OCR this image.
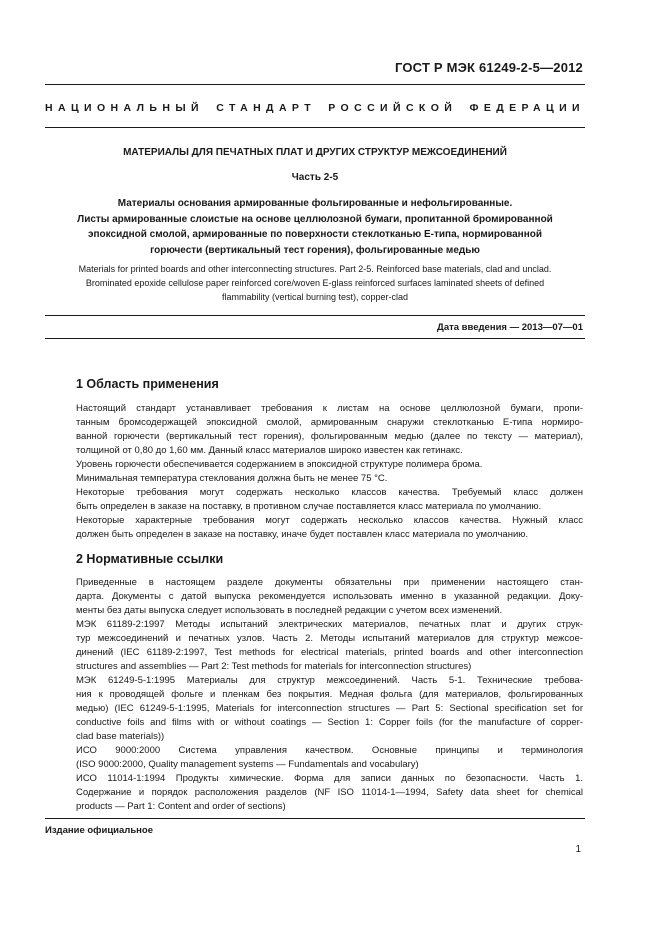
ГОСТ Р МЭК 61249-2-5—2012
НАЦИОНАЛЬНЫЙ СТАНДАРТ РОССИЙСКОЙ ФЕДЕРАЦИИ
МАТЕРИАЛЫ ДЛЯ ПЕЧАТНЫХ ПЛАТ И ДРУГИХ СТРУКТУР МЕЖСОЕДИНЕНИЙ
Часть 2-5
Материалы основания армированные фольгированные и нефольгированные.
Листы армированные слоистые на основе целлюлозной бумаги, пропитанной бромированной
эпоксидной смолой, армированные по поверхности стеклотканью Е-типа, нормированной
горючести (вертикальный тест горения), фольгированные медью
Materials for printed boards and other interconnecting structures. Part 2-5. Reinforced base materials, clad and unclad.
Brominated epoxide cellulose paper reinforced core/woven E-glass reinforced surfaces laminated sheets of defined
flammability (vertical burning test), copper-clad
Дата введения — 2013—07—01
1 Область применения
Настоящий стандарт устанавливает требования к листам на основе целлюлозной бумаги, пропи-
танным бромсодержащей эпоксидной смолой, армированным снаружи стеклотканью Е-типа нормиро-
ванной горючести (вертикальный тест горения), фольгированным медью (далее по тексту — материал),
толщиной от 0,80 до 1,60 мм. Данный класс материалов широко известен как гетинакс.
Уровень горючести обеспечивается содержанием в эпоксидной структуре полимера брома.
Минимальная температура стеклования должна быть не менее 75 °С.
Некоторые требования могут содержать несколько классов качества. Требуемый класс должен
быть определен в заказе на поставку, в противном случае поставляется класс материала по умолчанию.
Некоторые характерные требования могут содержать несколько классов качества. Нужный класс
должен быть определен в заказе на поставку, иначе будет поставлен класс материала по умолчанию.
2 Нормативные ссылки
Приведенные в настоящем разделе документы обязательны при применении настоящего стан-
дарта. Документы с датой выпуска рекомендуется использовать именно в указанной редакции. Доку-
менты без даты выпуска следует использовать в последней редакции с учетом всех изменений.
МЭК 61189-2:1997 Методы испытаний электрических материалов, печатных плат и других струк-
тур межсоединений и печатных узлов. Часть 2. Методы испытаний материалов для структур межсое-
динений (IEC 61189-2:1997, Test methods for electrical materials, printed boards and other interconnection
structures and assemblies — Part 2: Test methods for materials for interconnection structures)
МЭК 61249-5-1:1995 Материалы для структур межсоединений. Часть 5-1. Технические требова-
ния к проводящей фольге и пленкам без покрытия. Медная фольга (для материалов, фольгированных
медью) (IEC 61249-5-1:1995, Materials for interconnection structures — Part 5: Sectional specification set for
conductive foils and films with or without coatings — Section 1: Copper foils (for the manufacture of copper-
clad base materials))
ИСО 9000:2000 Система управления качеством. Основные принципы и терминология
(ISO 9000:2000, Quality management systems — Fundamentals and vocabulary)
ИСО 11014-1:1994 Продукты химические. Форма для записи данных по безопасности. Часть 1.
Содержание и порядок расположения разделов (NF ISO 11014-1—1994, Safety data sheet for chemical
products — Part 1: Content and order of sections)
Издание официальное
1
